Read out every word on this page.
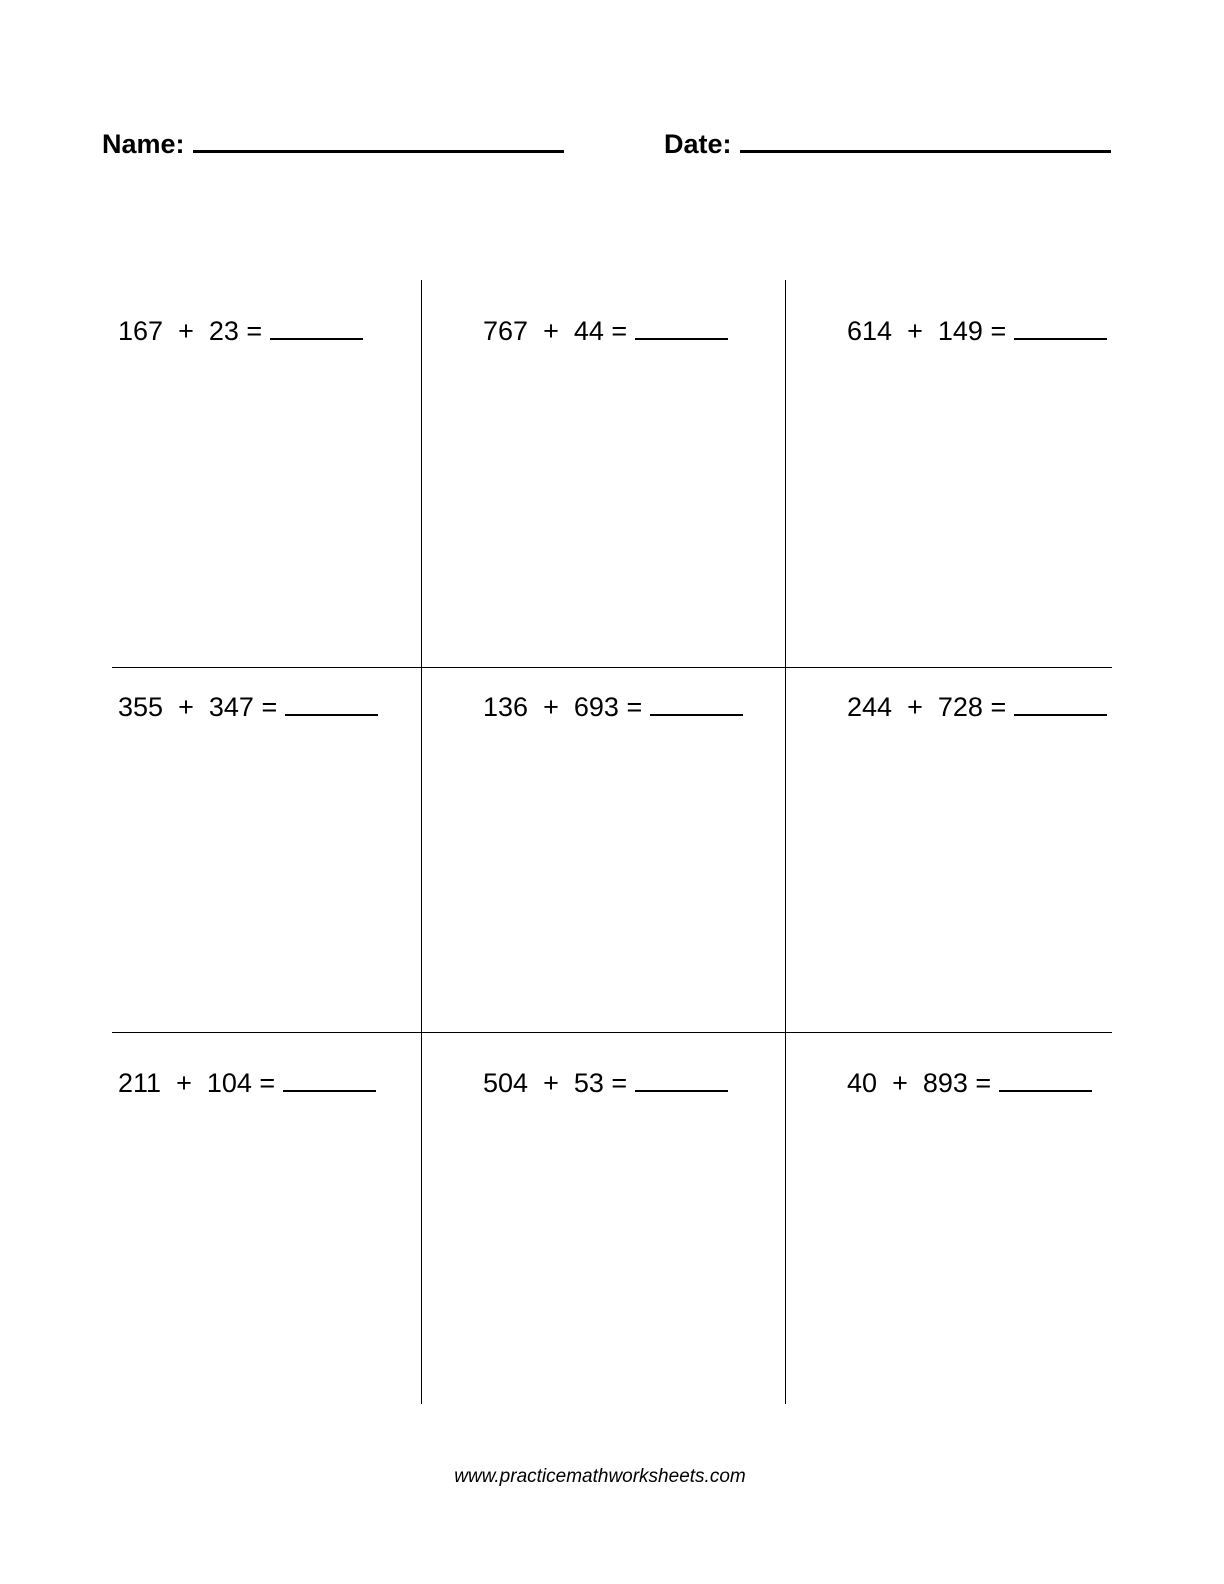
Name:	Date:
167 + 23 =	767 + 44 =	614 + 149 =
355 + 347 =	136 + 693 =	244 + 728 =
211 + 104 =	504 + 53 =	40 + 893 =
www.practicemathworksheets.com
